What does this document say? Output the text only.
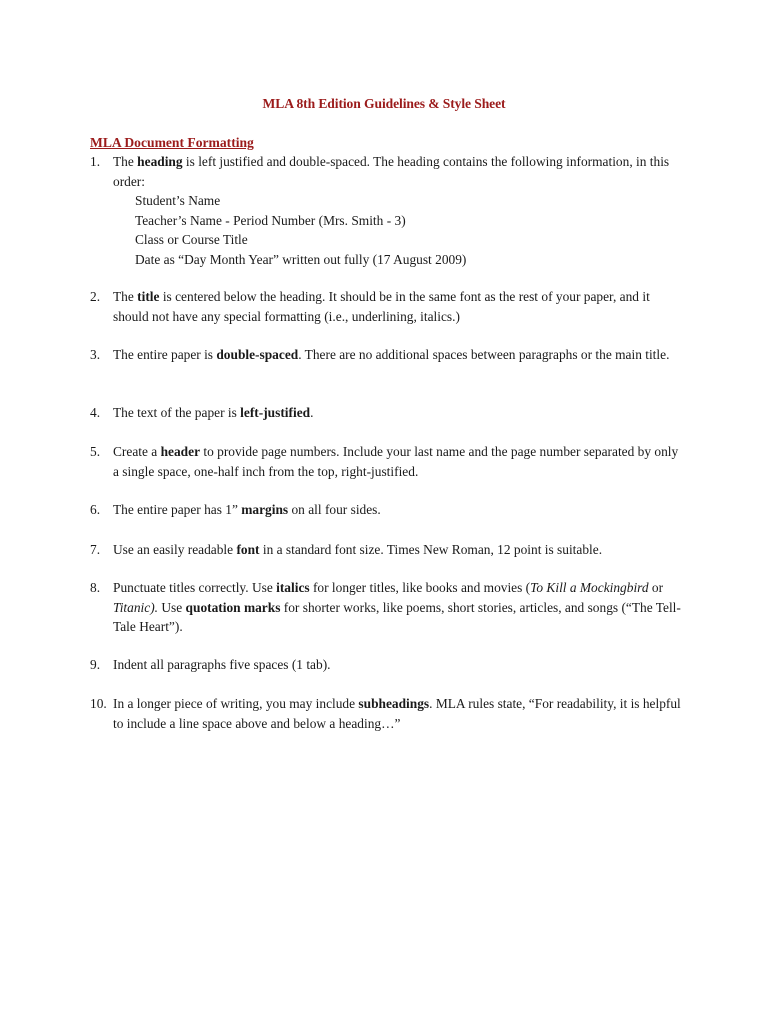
MLA 8th Edition Guidelines & Style Sheet
MLA Document Formatting
1. The heading is left justified and double-spaced. The heading contains the following information, in this order:
Student’s Name
Teacher’s Name - Period Number (Mrs. Smith - 3)
Class or Course Title
Date as “Day Month Year” written out fully (17 August 2009)
2. The title is centered below the heading. It should be in the same font as the rest of your paper, and it should not have any special formatting (i.e., underlining, italics.)
3. The entire paper is double-spaced. There are no additional spaces between paragraphs or the main title.
4. The text of the paper is left-justified.
5. Create a header to provide page numbers. Include your last name and the page number separated by only a single space, one-half inch from the top, right-justified.
6. The entire paper has 1” margins on all four sides.
7. Use an easily readable font in a standard font size. Times New Roman, 12 point is suitable.
8. Punctuate titles correctly. Use italics for longer titles, like books and movies (To Kill a Mockingbird or Titanic). Use quotation marks for shorter works, like poems, short stories, articles, and songs (“The Tell-Tale Heart”).
9. Indent all paragraphs five spaces (1 tab).
10. In a longer piece of writing, you may include subheadings. MLA rules state, “For readability, it is helpful to include a line space above and below a heading…”
